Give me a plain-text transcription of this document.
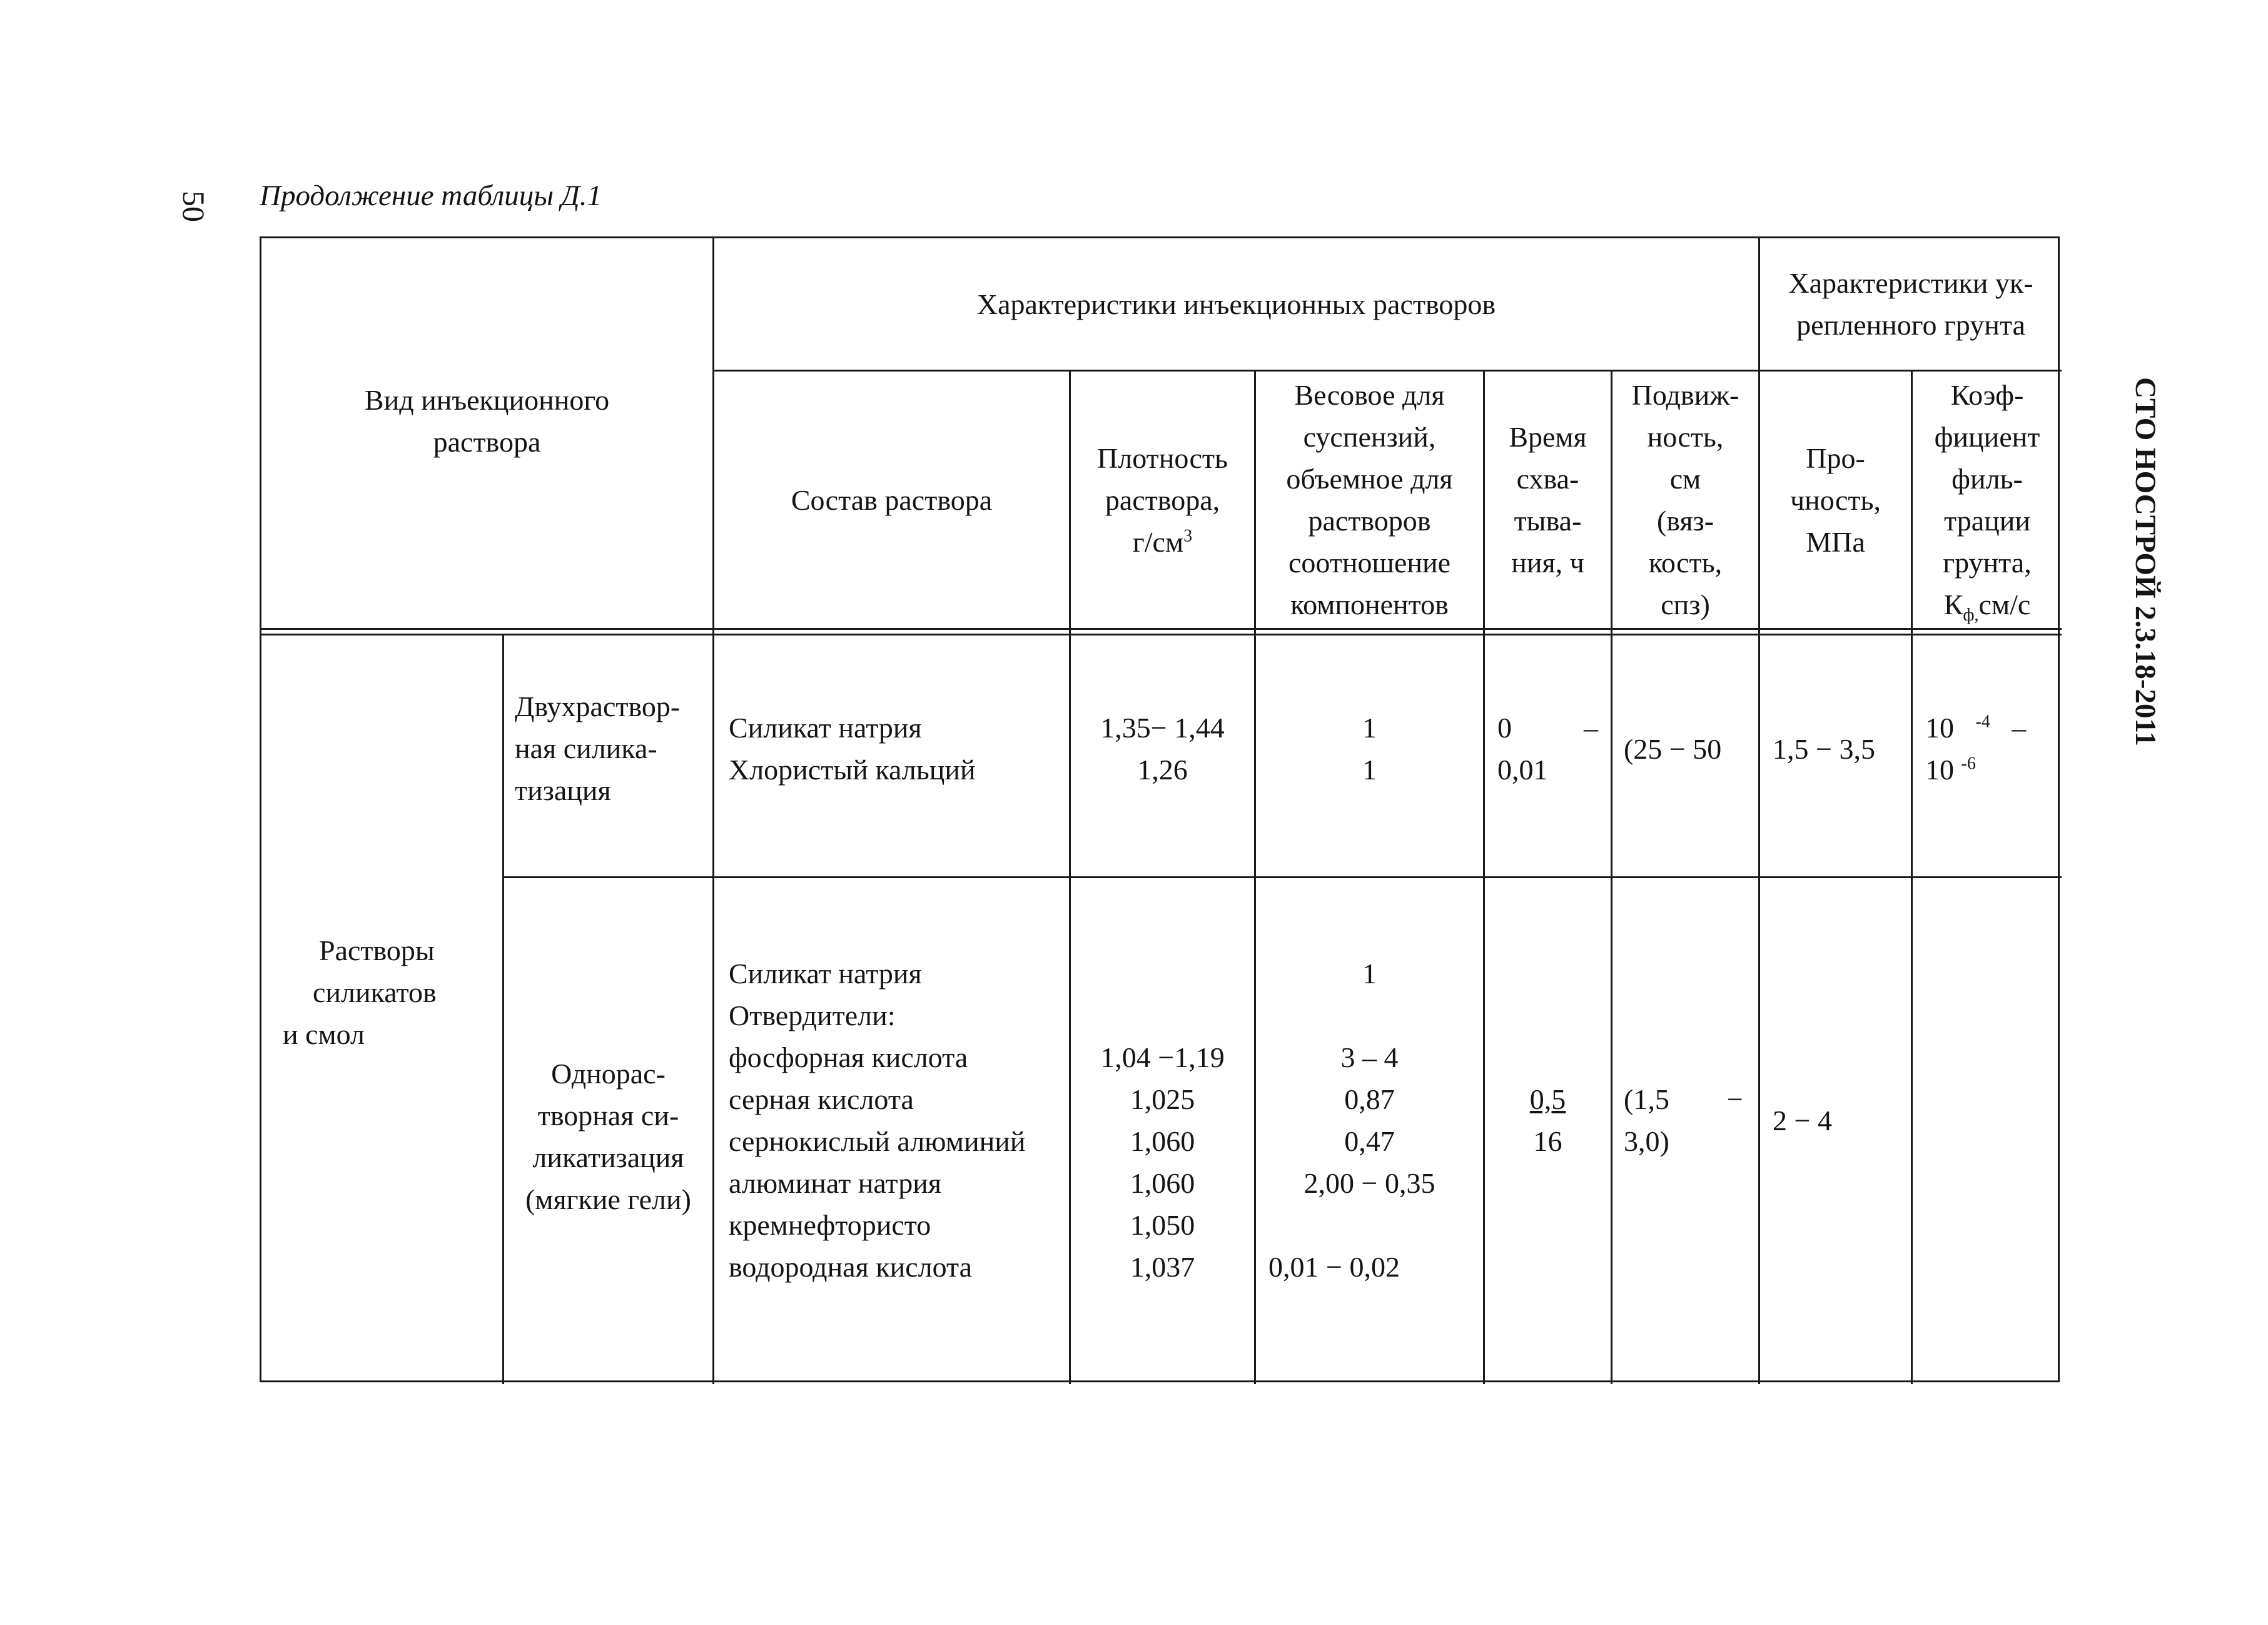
50
СТО НОСТРОЙ 2.3.18-2011
Продолжение таблицы Д.1
Вид инъекционного
раствора
Характеристики инъекционных растворов
Характеристики ук-
репленного грунта
Состав раствора
Плотность
раствора,
$г/см^3$
Весовое для
суспензий,
объемное для
растворов
соотношение
компонентов
Время
схва-
тыва-
ния, ч
Подвиж-
ность,
см
(вяз-
кость,
спз)
Про-
чность,
МПа
Коэф-
фициент
филь-
трации
грунта,
$К_{ф,}см/с$
Растворы
силикатов
и смол
Двухраствор-
ная силика-
тизация
Силикат натрия
Хлористый кальций
1,35− 1,44
1,26
1
1
0          –
0,01
(25 − 50 1,5 − 3,5
10 $^{-4}$ –
10 $^{-6}$
Однорас-
творная си-
ликатизация
(мягкие гели)
Силикат натрия
Отвердители:
фосфорная кислота
серная кислота
сернокислый алюминий
алюминат натрия
кремнефтористо
водородная кислота
1,04 −1,19
1,025
1,060
1,060
1,050
1,037
1
3 – 4
0,87
0,47
2,00 − 0,35
0,01 − 0,02
0,5
16
(1,5        −
3,0)
2 − 4
